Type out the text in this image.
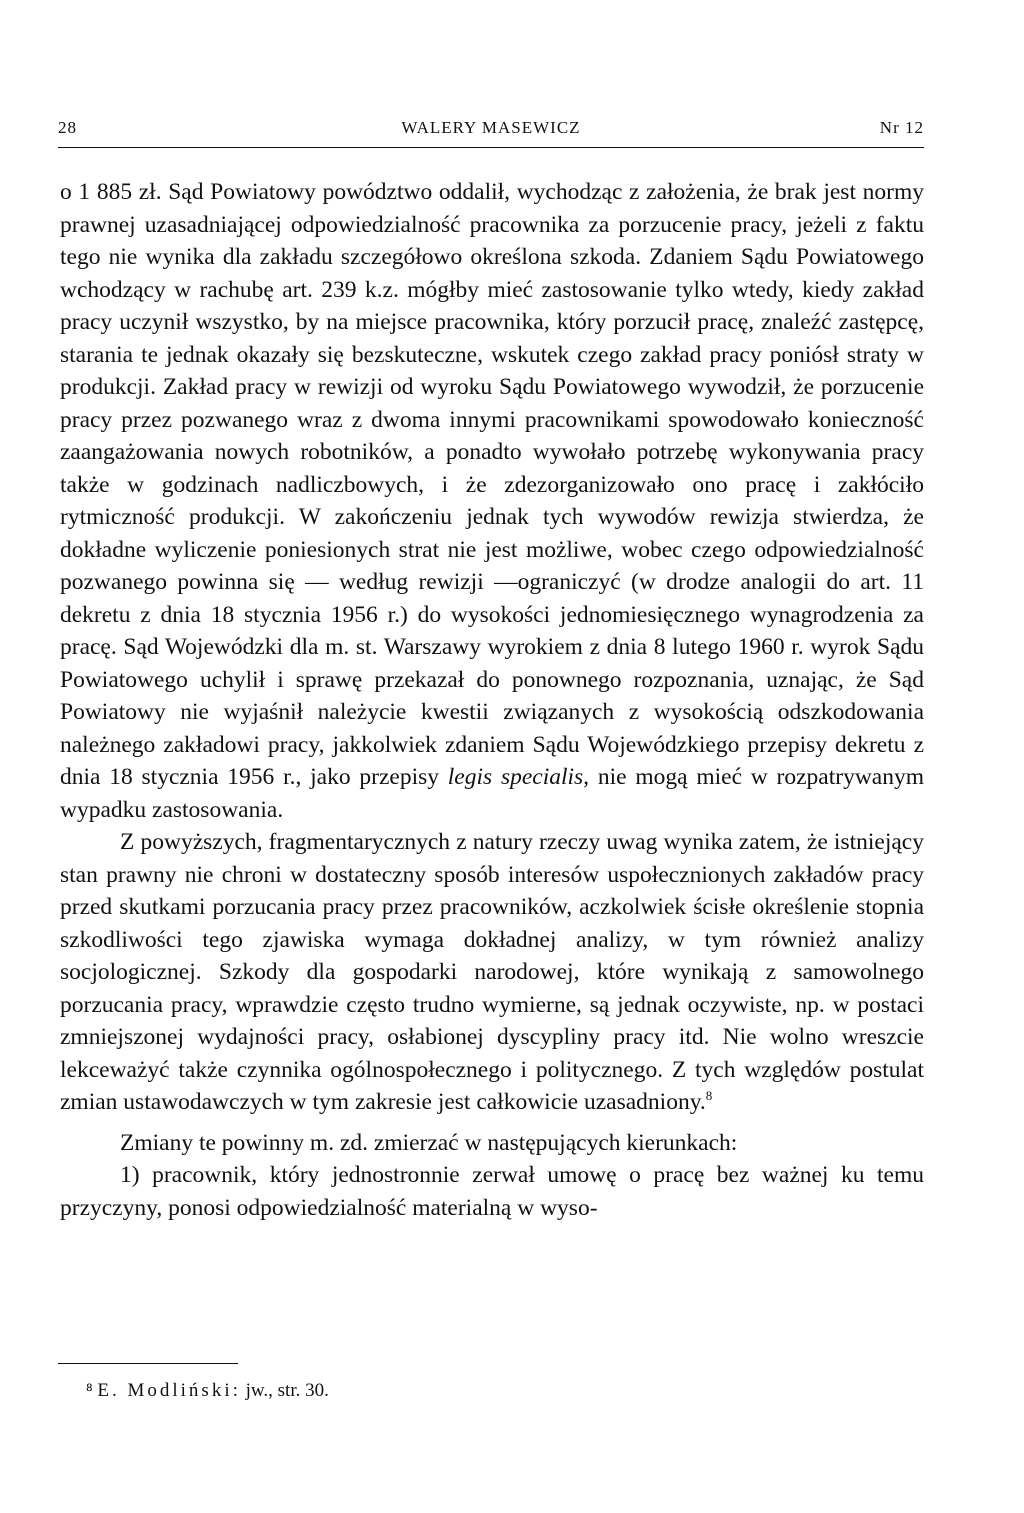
28	WALERY MASEWICZ	Nr 12

o 1 885 zł. Sąd Powiatowy powództwo oddalił, wychodząc z założenia, że brak jest normy prawnej uzasadniającej odpowiedzialność pracownika za porzucenie pracy, jeżeli z faktu tego nie wynika dla zakładu szczegółowo określona szkoda. Zdaniem Sądu Powiatowego wchodzący w rachubę art. 239 k.z. mógłby mieć zastosowanie tylko wtedy, kiedy zakład pracy uczynił wszystko, by na miejsce pracownika, który porzucił pracę, znaleźć zastępcę, starania te jednak okazały się bezskuteczne, wskutek czego zakład pracy poniósł straty w produkcji. Zakład pracy w rewizji od wyroku Sądu Powiatowego wywodził, że porzucenie pracy przez pozwanego wraz z dwoma innymi pracownikami spowodowało konieczność zaangażowania nowych robotników, a ponadto wywołało potrzebę wykonywania pracy także w godzinach nadliczbowych, i że zdezorganizowało ono pracę i zakłóciło rytmiczność produkcji. W zakończeniu jednak tych wywodów rewizja stwierdza, że dokładne wyliczenie poniesionych strat nie jest możliwe, wobec czego odpowiedzialność pozwanego powinna się — według rewizji —ograniczyć (w drodze analogii do art. 11 dekretu z dnia 18 stycznia 1956 r.) do wysokości jednomiesięcznego wynagrodzenia za pracę. Sąd Wojewódzki dla m. st. Warszawy wyrokiem z dnia 8 lutego 1960 r. wyrok Sądu Powiatowego uchylił i sprawę przekazał do ponownego rozpoznania, uznając, że Sąd Powiatowy nie wyjaśnił należycie kwestii związanych z wysokością odszkodowania należnego zakładowi pracy, jakkolwiek zdaniem Sądu Wojewódzkiego przepisy dekretu z dnia 18 stycznia 1956 r., jako przepisy legis specialis, nie mogą mieć w rozpatrywanym wypadku zastosowania.

Z powyższych, fragmentarycznych z natury rzeczy uwag wynika zatem, że istniejący stan prawny nie chroni w dostateczny sposób interesów uspołecznionych zakładów pracy przed skutkami porzucania pracy przez pracowników, aczkolwiek ścisłe określenie stopnia szkodliwości tego zjawiska wymaga dokładnej analizy, w tym również analizy socjologicznej. Szkody dla gospodarki narodowej, które wynikają z samowolnego porzucania pracy, wprawdzie często trudno wymierne, są jednak oczywiste, np. w postaci zmniejszonej wydajności pracy, osłabionej dyscypliny pracy itd. Nie wolno wreszcie lekceważyć także czynnika ogólnospołecznego i politycznego. Z tych względów postulat zmian ustawodawczych w tym zakresie jest całkowicie uzasadniony.$^8$

Zmiany te powinny m. zd. zmierzać w następujących kierunkach:

1) pracownik, który jednostronnie zerwał umowę o pracę bez ważnej ku temu przyczyny, ponosi odpowiedzialność materialną w wyso-

⁸ E. Modliński: jw., str. 30.
